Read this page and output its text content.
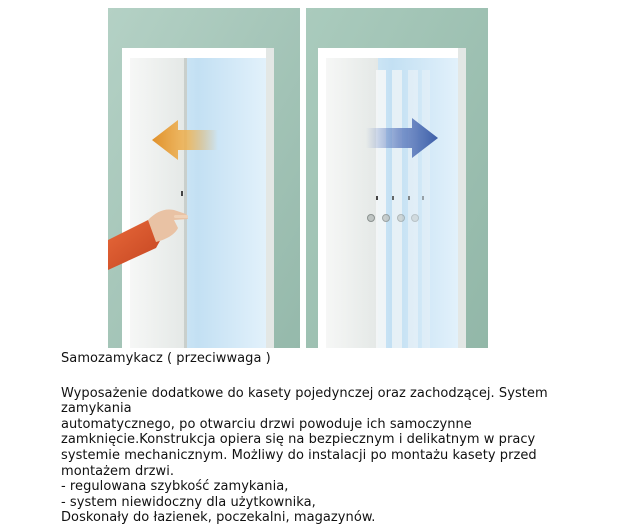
Samozamykacz ( przeciwwaga )

Wyposażenie dodatkowe do kasety pojedynczej oraz zachodzącej. System

zamykania

automatycznego, po otwarciu drzwi powoduje ich samoczynne

zamknięcie.Konstrukcja opiera się na bezpiecznym i delikatnym w pracy

systemie mechanicznym. Możliwy do instalacji po montażu kasety przed

montażem drzwi.

- regulowana szybkość zamykania,

- system niewidoczny dla użytkownika,

Doskonały do łazienek, poczekalni, magazynów.
